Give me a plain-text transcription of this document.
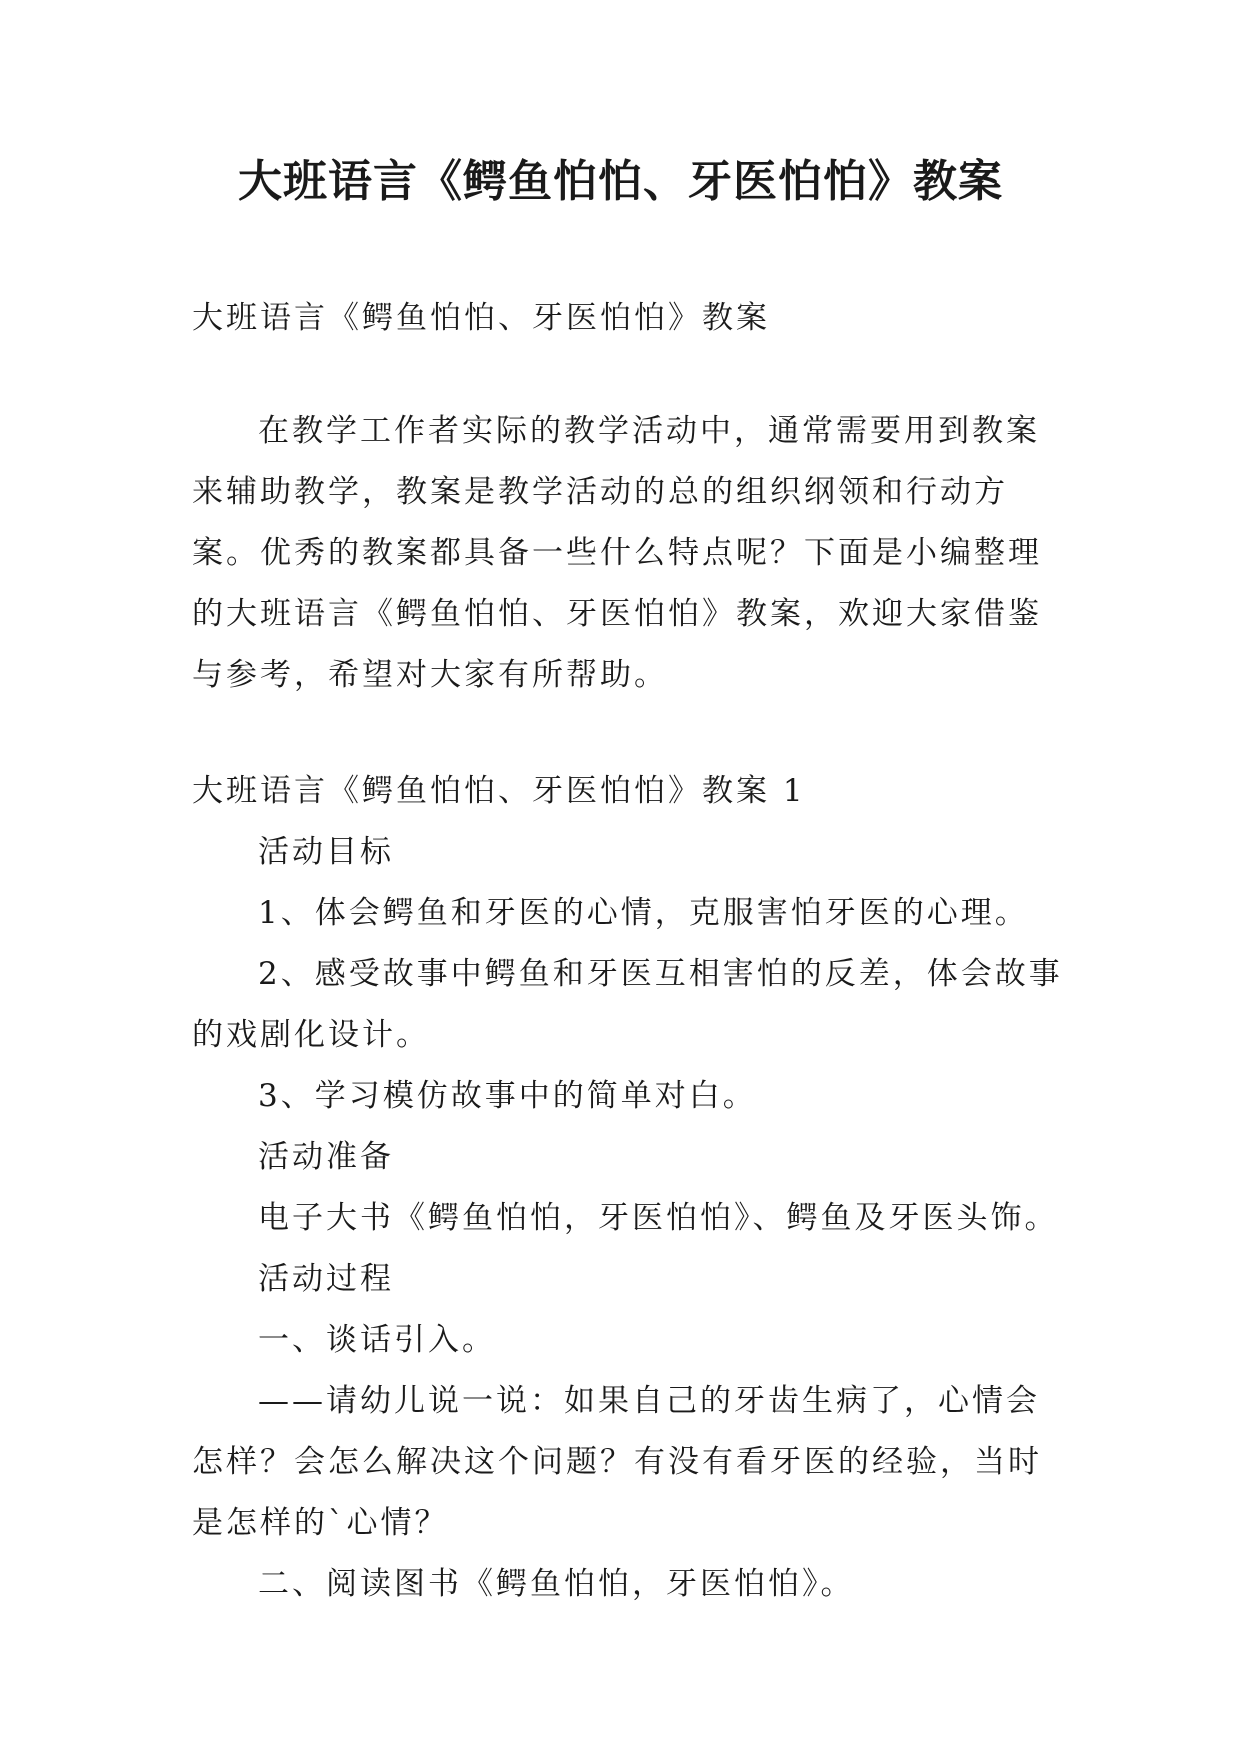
大班语言《鳄鱼怕怕、牙医怕怕》教案

大班语言《鳄鱼怕怕、牙医怕怕》教案

在教学工作者实际的教学活动中，通常需要用到教案来辅助教学，教案是教学活动的总的组织纲领和行动方案。优秀的教案都具备一些什么特点呢？下面是小编整理的大班语言《鳄鱼怕怕、牙医怕怕》教案，欢迎大家借鉴与参考，希望对大家有所帮助。

大班语言《鳄鱼怕怕、牙医怕怕》教案 1

活动目标

1、体会鳄鱼和牙医的心情，克服害怕牙医的心理。

2、感受故事中鳄鱼和牙医互相害怕的反差，体会故事的戏剧化设计。

3、学习模仿故事中的简单对白。

活动准备

电子大书《鳄鱼怕怕，牙医怕怕》、鳄鱼及牙医头饰。

活动过程

一、谈话引入。

——请幼儿说一说：如果自己的牙齿生病了，心情会怎样？会怎么解决这个问题？有没有看牙医的经验，当时是怎样的`心情？

二、阅读图书《鳄鱼怕怕，牙医怕怕》。
